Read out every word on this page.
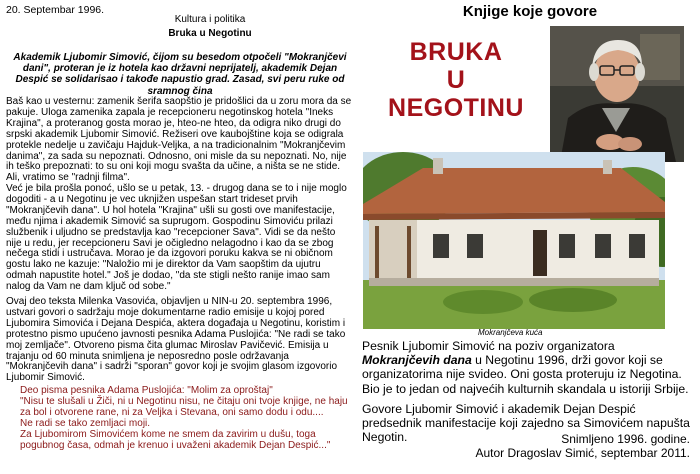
20. Septembar 1996.
Kultura i politika
Bruka u Negotinu
Akademik Ljubomir Simović, čijom su besedom otpočeli "Mokranjčevi dani", proteran je iz hotela kao državni neprijatelj, akademik Dejan Despić se solidarisao i takođe napustio grad. Zasad, svi peru ruke od sramnog čina

Baš kao u vesternu: zamenik šerifa saopštio je pridošlici da u zoru mora da se pakuje. Uloga zamenika zapala je recepcioneru negotinskog hotela "Ineks Krajina", a proteranog gosta morao je, hteo-ne hteo, da odigra niko drugi do srpski akademik Ljubomir Simović. Režiseri ove kaubojštine koja se odigrala protekle nedelje u zavičaju Hajduk-Veljka, a na tradicionalnim "Mokranjčevim danima", za sada su nepoznati. Odnosno, oni misle da su nepoznati. No, nije ih teško prepoznati: to su oni koji mogu svašta da učine, a ništa se ne stide. Ali, vratimo se "radnji filma".

Već je bila prošla ponoć, ušlo se u petak, 13. - drugog dana se to i nije moglo dogoditi - a u Negotinu je vec uknjižen uspešan start trideset prvih "Mokranjčevih dana". U hol hotela "Krajina" ušli su gosti ove manifestacije, među njima i akademik Simović sa suprugom. Gospodinu Simoviću prilazi službenik i uljudno se predstavlja kao "recepcioner Sava". Vidi se da nešto nije u redu, jer recepcioneru Savi je očigledno nelagodno i kao da se zbog nečega stidi i ustručava. Morao je da izgovori poruku kakva se ni običnom gostu lako ne kazuje: "Naložio mi je direktor da Vam saopštim da ujutru odmah napustite hotel." Još je dodao, "da ste stigli nešto ranije imao sam nalog da Vam ne dam ključ od sobe."

Ovaj deo teksta Milenka Vasovića, objavljen u NIN-u 20. septembra 1996, ustvari govori o sadržaju moje dokumentarne radio emisije u kojoj pored Ljubomira Simovića i Dejana Despića, aktera događaja u Negotinu, koristim i protestno pismo upućeno javnosti pesnika Adama Puslojića: "Ne radi se tako moj zemljače". Otvoreno pisma čita glumac Miroslav Pavičević. Emisija u trajanju od 60 minuta snimljena je neposredno posle održavanja "Mokranjčevih dana" i sadrži "sporan" govor koji je svojim glasom izgovorio Ljubomir Simović.

Deo pisma pesnika Adama Puslojića: "Molim za oproštaj"
"Nisu te slušali u Žiči, ni u Negotinu nisu, ne čitaju oni tvoje knjige, ne haju
za bol i otvorene rane, ni za Veljka i Stevana, oni samo dodu i odu....
Ne radi se tako zemljaci moji.
Za Ljubomirom Simovićem kome ne smem da zavirim u dušu, toga
pogubnog časa, odmah je krenuo i uvaženi akademik Dejan Despić..."
Knjige koje govore
BRUKA
U
NEGOTINU
Mokranjčeva kuća

Pesnik Ljubomir Simović na poziv organizatora Mokranjčevih dana u Negotinu 1996, drži govor koji se organizatorima nije svideo. Oni gosta proteruju iz Negotina. Bio je to jedan od najvećih kulturnih skandala u istoriji Srbije.

Govore Ljubomir Simović i akademik Dejan Despić predsednik manifestacije koji zajedno sa Simovićem napušta Negotin.	Snimljeno 1996. godine.
Autor Dragoslav Simić, septembar 2011.
